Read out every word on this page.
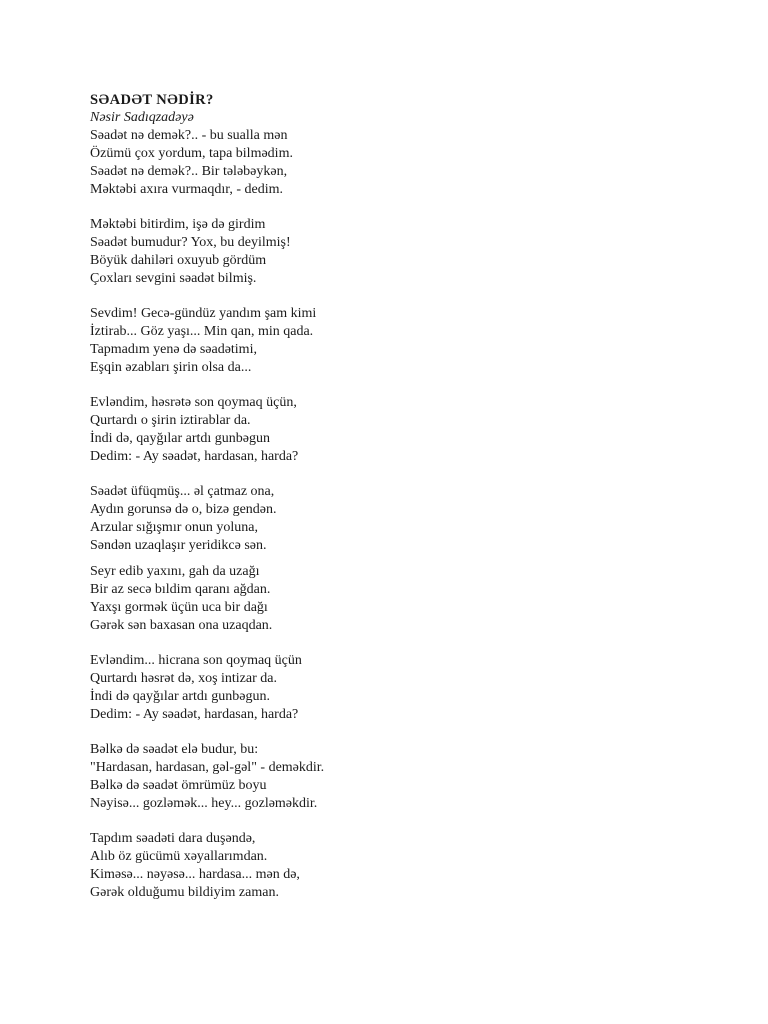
SƏADƏT NƏDİR?
Nəsir Sadıqzadəyə
Səadət nə demək?.. - bu sualla mən
Özümü çox yordum, tapa bilmədim.
Səadət nə demək?.. Bir tələbəykən,
Məktəbi axıra vurmaqdır, - dedim.
Məktəbi bitirdim, işə də girdim
Səadət bumudur? Yox, bu deyilmiş!
Böyük dahiləri oxuyub gördüm
Çoxları sevgini səadət bilmiş.
Sevdim! Gecə-gündüz yandım şam kimi
İztirab... Göz yaşı... Min qan, min qada.
Tapmadım yenə də səadətimi,
Eşqin əzabları şirin olsa da...
Evləndim, həsrətə son qoymaq üçün,
Qurtardı o şirin iztirablar da.
İndi də, qayğılar artdı gunbəgun
Dedim: - Ay səadət, hardasan, harda?
Səadət üfüqmüş... əl çatmaz ona,
Aydın gorunsə də o, bizə gendən.
Arzular sığışmır onun yoluna,
Səndən uzaqlaşır yeridikcə sən.
Seyr edib yaxını, gah da uzağı
Bir az secə bıldim qaranı ağdan.
Yaxşı gormək üçün uca bir dağı
Gərək sən baxasan ona uzaqdan.
Evləndim... hicrana son qoymaq üçün
Qurtardı həsrət də, xoş intizar da.
İndi də qayğılar artdı gunbəgun.
Dedim: - Ay səadət, hardasan, harda?
Bəlkə də səadət elə budur, bu:
"Hardasan, hardasan, gəl-gəl" - deməkdir.
Bəlkə də səadət ömrümüz boyu
Nəyisə... gozləmək... hey... gozləməkdir.
Tapdım səadəti dara duşəndə,
Alıb öz gücümü xəyallarımdan.
Kiməsə... nəyəsə... hardasa... mən də,
Gərək olduğumu bildiyim zaman.
